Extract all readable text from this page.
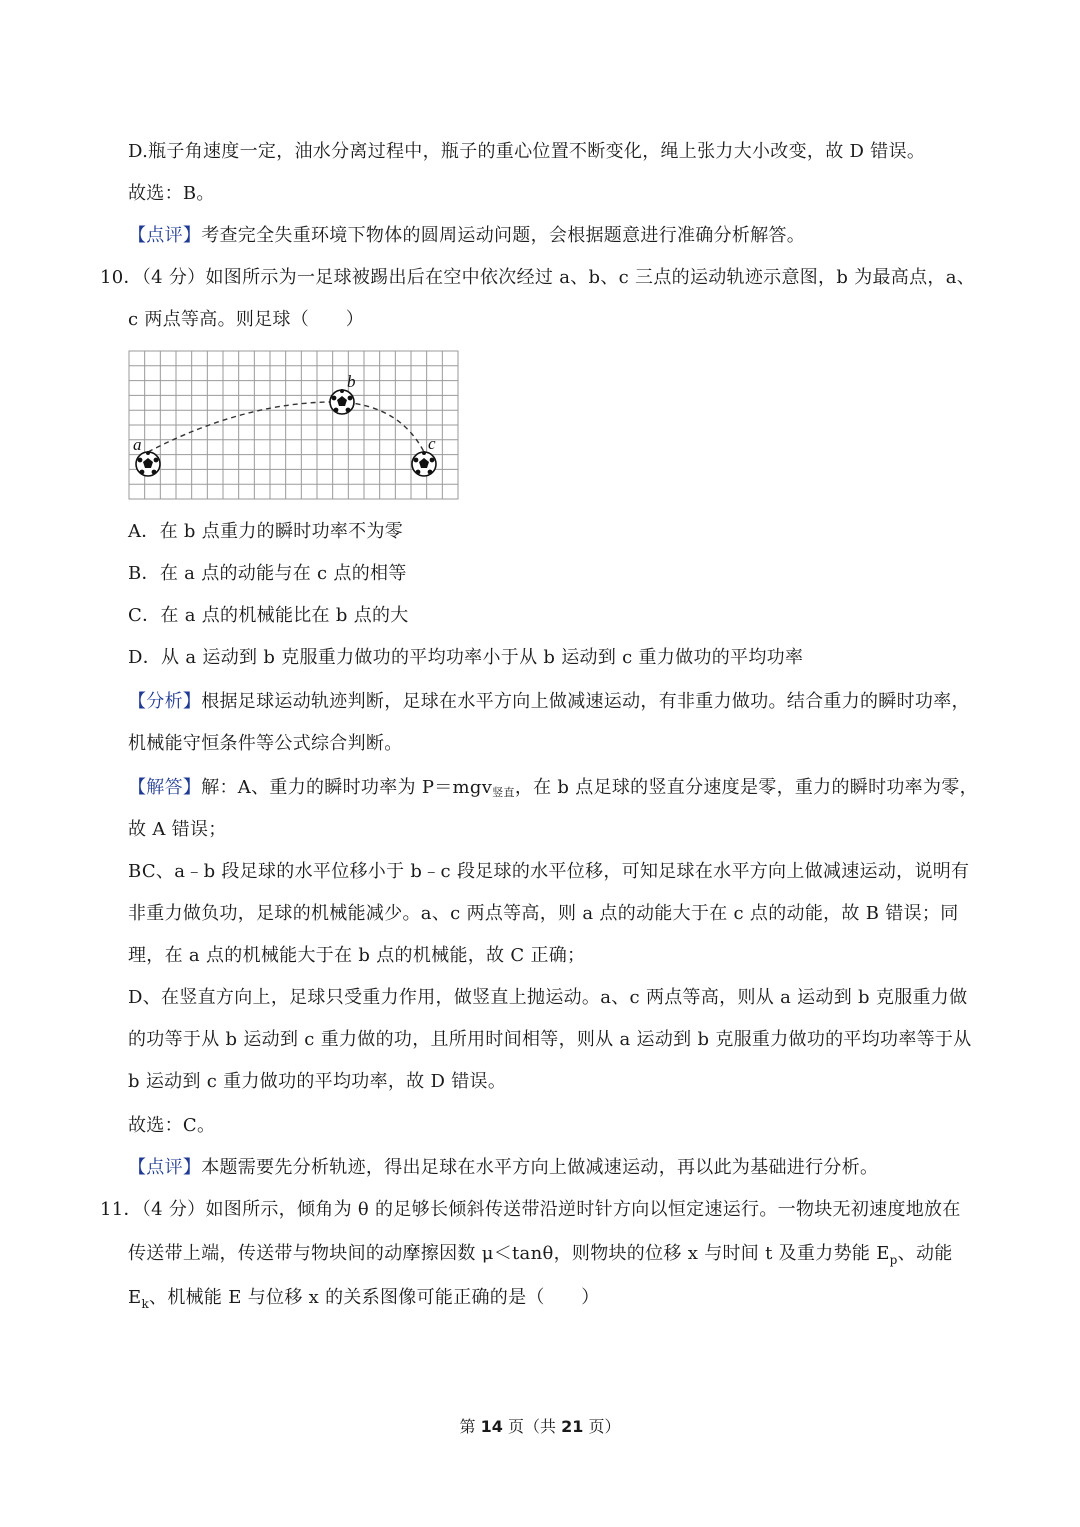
D.瓶子角速度一定，油水分离过程中，瓶子的重心位置不断变化，绳上张力大小改变，故 D 错误。
故选：B。
【点评】考查完全失重环境下物体的圆周运动问题，会根据题意进行准确分析解答。
10．（4 分）如图所示为一足球被踢出后在空中依次经过 a、b、c 三点的运动轨迹示意图，b 为最高点，a、
c 两点等高。则足球（　　）
a
b
c
A．在 b 点重力的瞬时功率不为零
B．在 a 点的动能与在 c 点的相等
C．在 a 点的机械能比在 b 点的大
D．从 a 运动到 b 克服重力做功的平均功率小于从 b 运动到 c 重力做功的平均功率
【分析】根据足球运动轨迹判断，足球在水平方向上做减速运动，有非重力做功。结合重力的瞬时功率，
机械能守恒条件等公式综合判断。
【解答】解：A、重力的瞬时功率为 P＝mgv竖直，在 b 点足球的竖直分速度是零，重力的瞬时功率为零，
故 A 错误；
BC、a﹣b 段足球的水平位移小于 b﹣c 段足球的水平位移，可知足球在水平方向上做减速运动，说明有
非重力做负功，足球的机械能减少。a、c 两点等高，则 a 点的动能大于在 c 点的动能，故 B 错误；同
理，在 a 点的机械能大于在 b 点的机械能，故 C 正确；
D、在竖直方向上，足球只受重力作用，做竖直上抛运动。a、c 两点等高，则从 a 运动到 b 克服重力做
的功等于从 b 运动到 c 重力做的功，且所用时间相等，则从 a 运动到 b 克服重力做功的平均功率等于从
b 运动到 c 重力做功的平均功率，故 D 错误。
故选：C。
【点评】本题需要先分析轨迹，得出足球在水平方向上做减速运动，再以此为基础进行分析。
11．（4 分）如图所示，倾角为 θ 的足够长倾斜传送带沿逆时针方向以恒定速运行。一物块无初速度地放在
传送带上端，传送带与物块间的动摩擦因数 μ＜tanθ，则物块的位移 x 与时间 t 及重力势能 $E_p$、动能
$E_k$、机械能 E 与位移 x 的关系图像可能正确的是（　　）
第 14 页（共 21 页）
